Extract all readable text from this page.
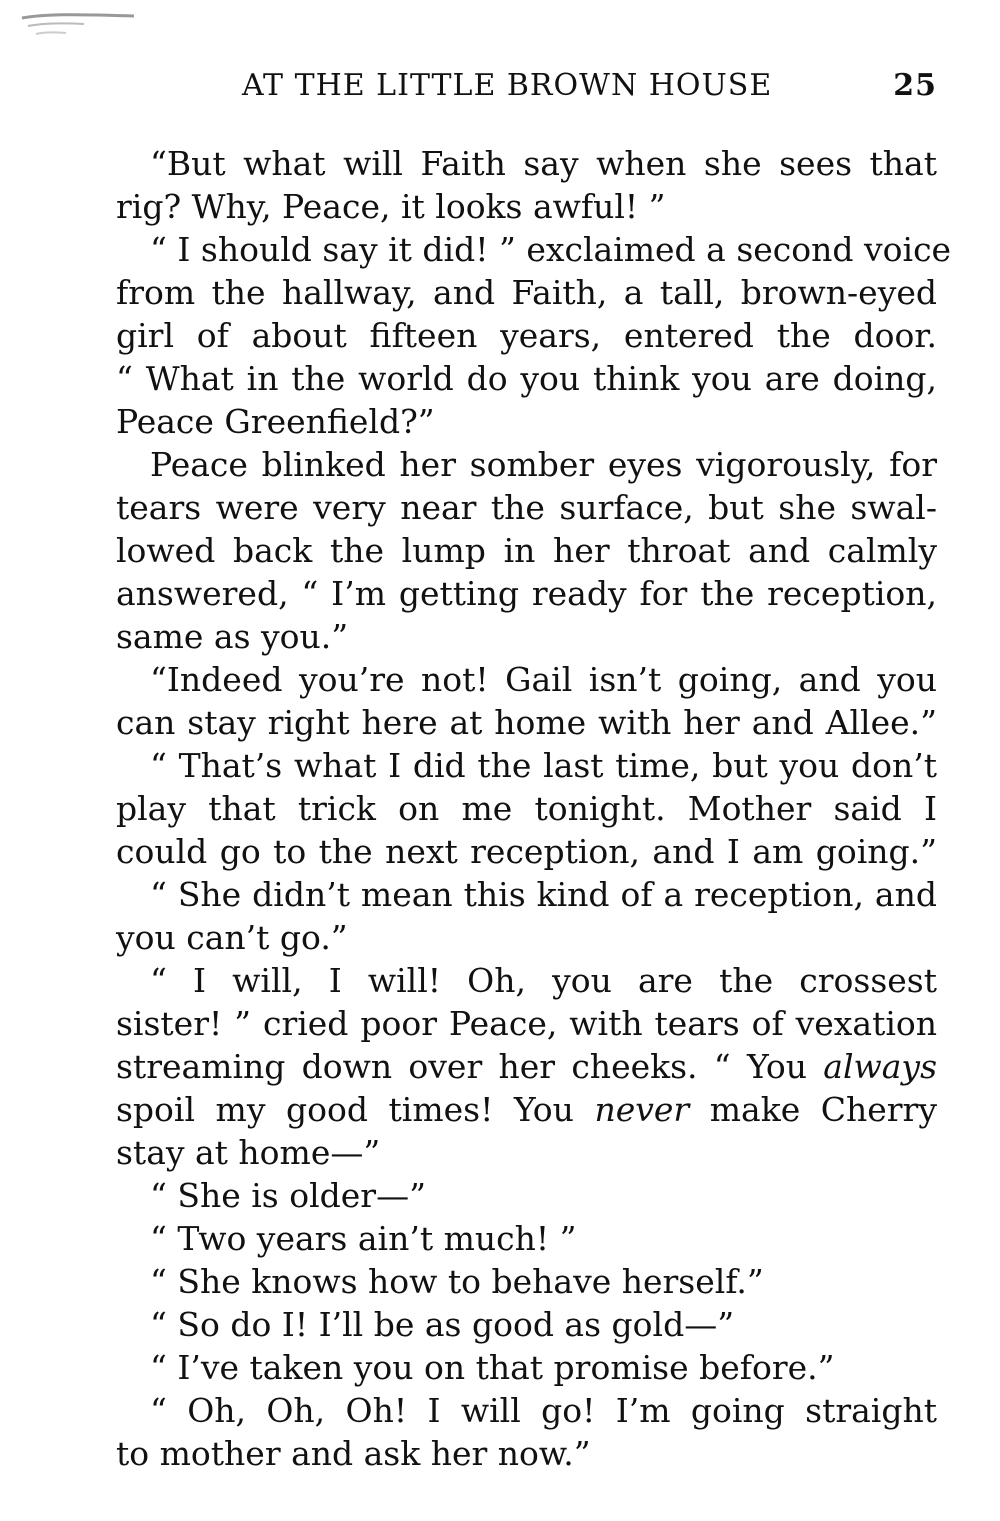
AT THE LITTLE BROWN HOUSE	25
“But what will Faith say when she sees that
rig? Why, Peace, it looks awful! ”
“ I should say it did! ” exclaimed a second voice
from the hallway, and Faith, a tall, brown-eyed
girl of about fifteen years, entered the door.
“ What in the world do you think you are doing,
Peace Greenfield?”
Peace blinked her somber eyes vigorously, for
tears were very near the surface, but she swal-
lowed back the lump in her throat and calmly
answered, “ I’m getting ready for the reception,
same as you.”
“Indeed you’re not! Gail isn’t going, and you
can stay right here at home with her and Allee.”
“ That’s what I did the last time, but you don’t
play that trick on me tonight. Mother said I
could go to the next reception, and I am going.”
“ She didn’t mean this kind of a reception, and
you can’t go.”
“ I will, I will! Oh, you are the crossest
sister! ” cried poor Peace, with tears of vexation
streaming down over her cheeks. “ You always
spoil my good times! You never make Cherry
stay at home—”
“ She is older—”
“ Two years ain’t much! ”
“ She knows how to behave herself.”
“ So do I! I’ll be as good as gold—”
“ I’ve taken you on that promise before.”
“ Oh, Oh, Oh! I will go! I’m going straight
to mother and ask her now.”
